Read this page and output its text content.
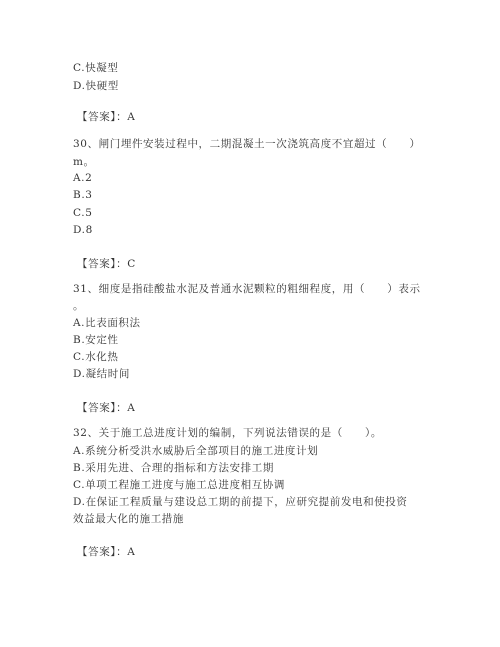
C.快凝型
D.快硬型
【答案】：A
30、闸门埋件安装过程中，二期混凝土一次浇筑高度不宜超过（　　）
m。
A.2
B.3
C.5
D.8
【答案】：C
31、细度是指硅酸盐水泥及普通水泥颗粒的粗细程度，用（　　）表示
。
A.比表面积法
B.安定性
C.水化热
D.凝结时间
【答案】：A
32、关于施工总进度计划的编制，下列说法错误的是（　　）。
A.系统分析受洪水威胁后全部项目的施工进度计划
B.采用先进、合理的指标和方法安排工期
C.单项工程施工进度与施工总进度相互协调
D.在保证工程质量与建设总工期的前提下，应研究提前发电和使投资
效益最大化的施工措施
【答案】：A
